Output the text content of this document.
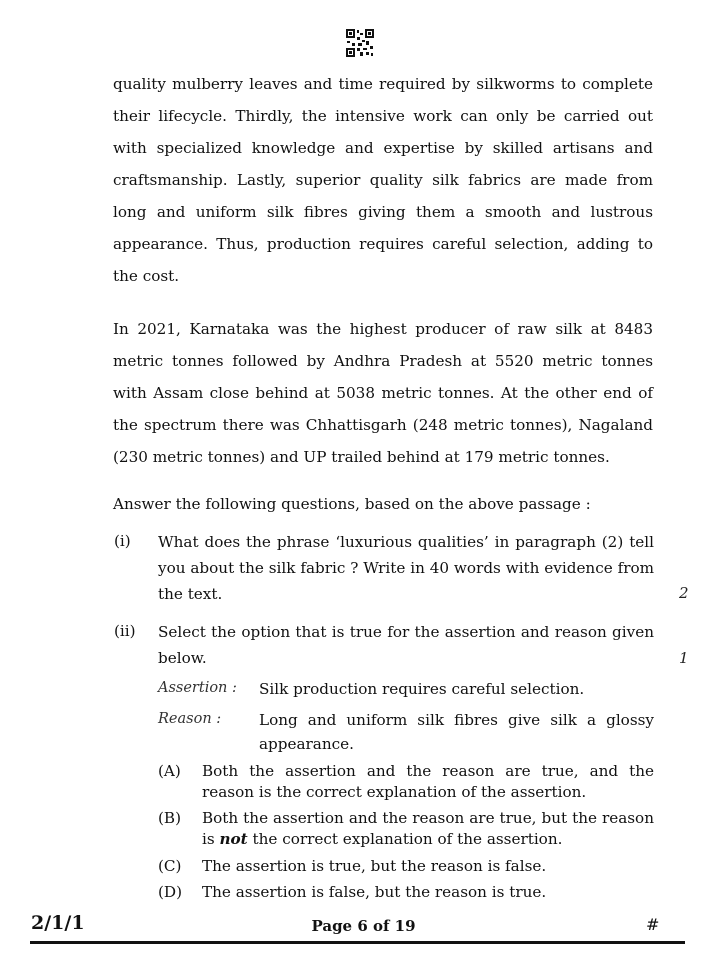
quality mulberry leaves and time required by silkworms to complete their lifecycle. Thirdly, the intensive work can only be carried out with specialized knowledge and expertise by skilled artisans and craftsmanship. Lastly, superior quality silk fabrics are made from long and uniform silk fibres giving them a smooth and lustrous appearance. Thus, production requires careful selection, adding to the cost.

In 2021, Karnataka was the highest producer of raw silk at 8483 metric tonnes followed by Andhra Pradesh at 5520 metric tonnes with Assam close behind at 5038 metric tonnes. At the other end of the spectrum there was Chhattisgarh (248 metric tonnes), Nagaland (230 metric tonnes) and UP trailed behind at 179 metric tonnes.

Answer the following questions, based on the above passage :

(i) What does the phrase ‘luxurious qualities’ in paragraph (2) tell you about the silk fabric ? Write in 40 words with evidence from the text.	2
(ii) Select the option that is true for the assertion and reason given below.	1
Assertion : Silk production requires careful selection.

Reason : Long and uniform silk fibres give silk a glossy appearance.

(A) Both the assertion and the reason are true, and the reason is the correct explanation of the assertion.

(B) Both the assertion and the reason are true, but the reason is not the correct explanation of the assertion.

(C) The assertion is true, but the reason is false.

(D) The assertion is false, but the reason is true.

2/1/1	Page 6 of 19	#
